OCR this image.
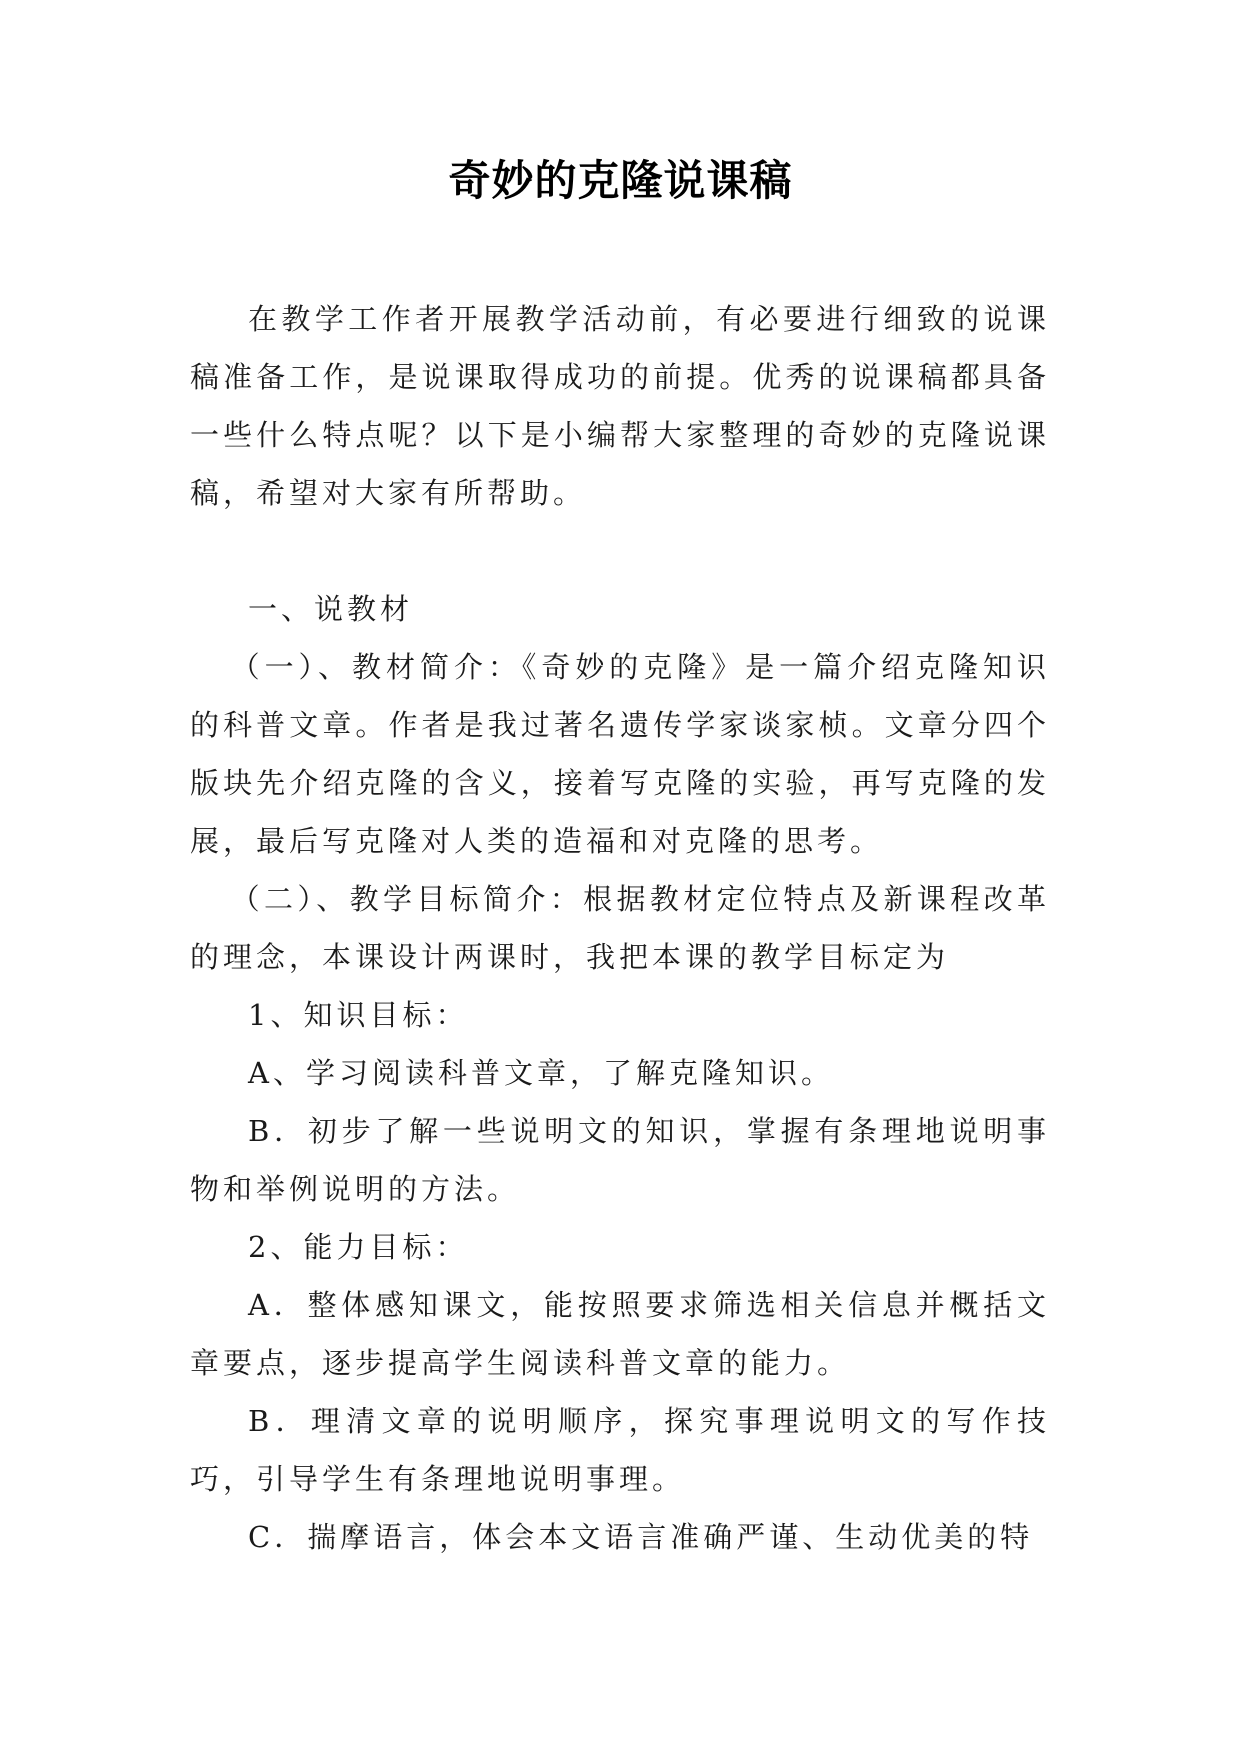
奇妙的克隆说课稿

在教学工作者开展教学活动前，有必要进行细致的说课稿准备工作，是说课取得成功的前提。优秀的说课稿都具备一些什么特点呢？以下是小编帮大家整理的奇妙的克隆说课稿，希望对大家有所帮助。

一、说教材

（一）、教材简介：《奇妙的克隆》是一篇介绍克隆知识的科普文章。作者是我过著名遗传学家谈家桢。文章分四个版块先介绍克隆的含义，接着写克隆的实验，再写克隆的发展，最后写克隆对人类的造福和对克隆的思考。

（二）、教学目标简介：根据教材定位特点及新课程改革的理念，本课设计两课时，我把本课的教学目标定为

1、知识目标：

A、学习阅读科普文章，了解克隆知识。

B．初步了解一些说明文的知识，掌握有条理地说明事物和举例说明的方法。

2、能力目标：

A．整体感知课文，能按照要求筛选相关信息并概括文章要点，逐步提高学生阅读科普文章的能力。

B．理清文章的说明顺序，探究事理说明文的写作技巧，引导学生有条理地说明事理。

C．揣摩语言，体会本文语言准确严谨、生动优美的特
